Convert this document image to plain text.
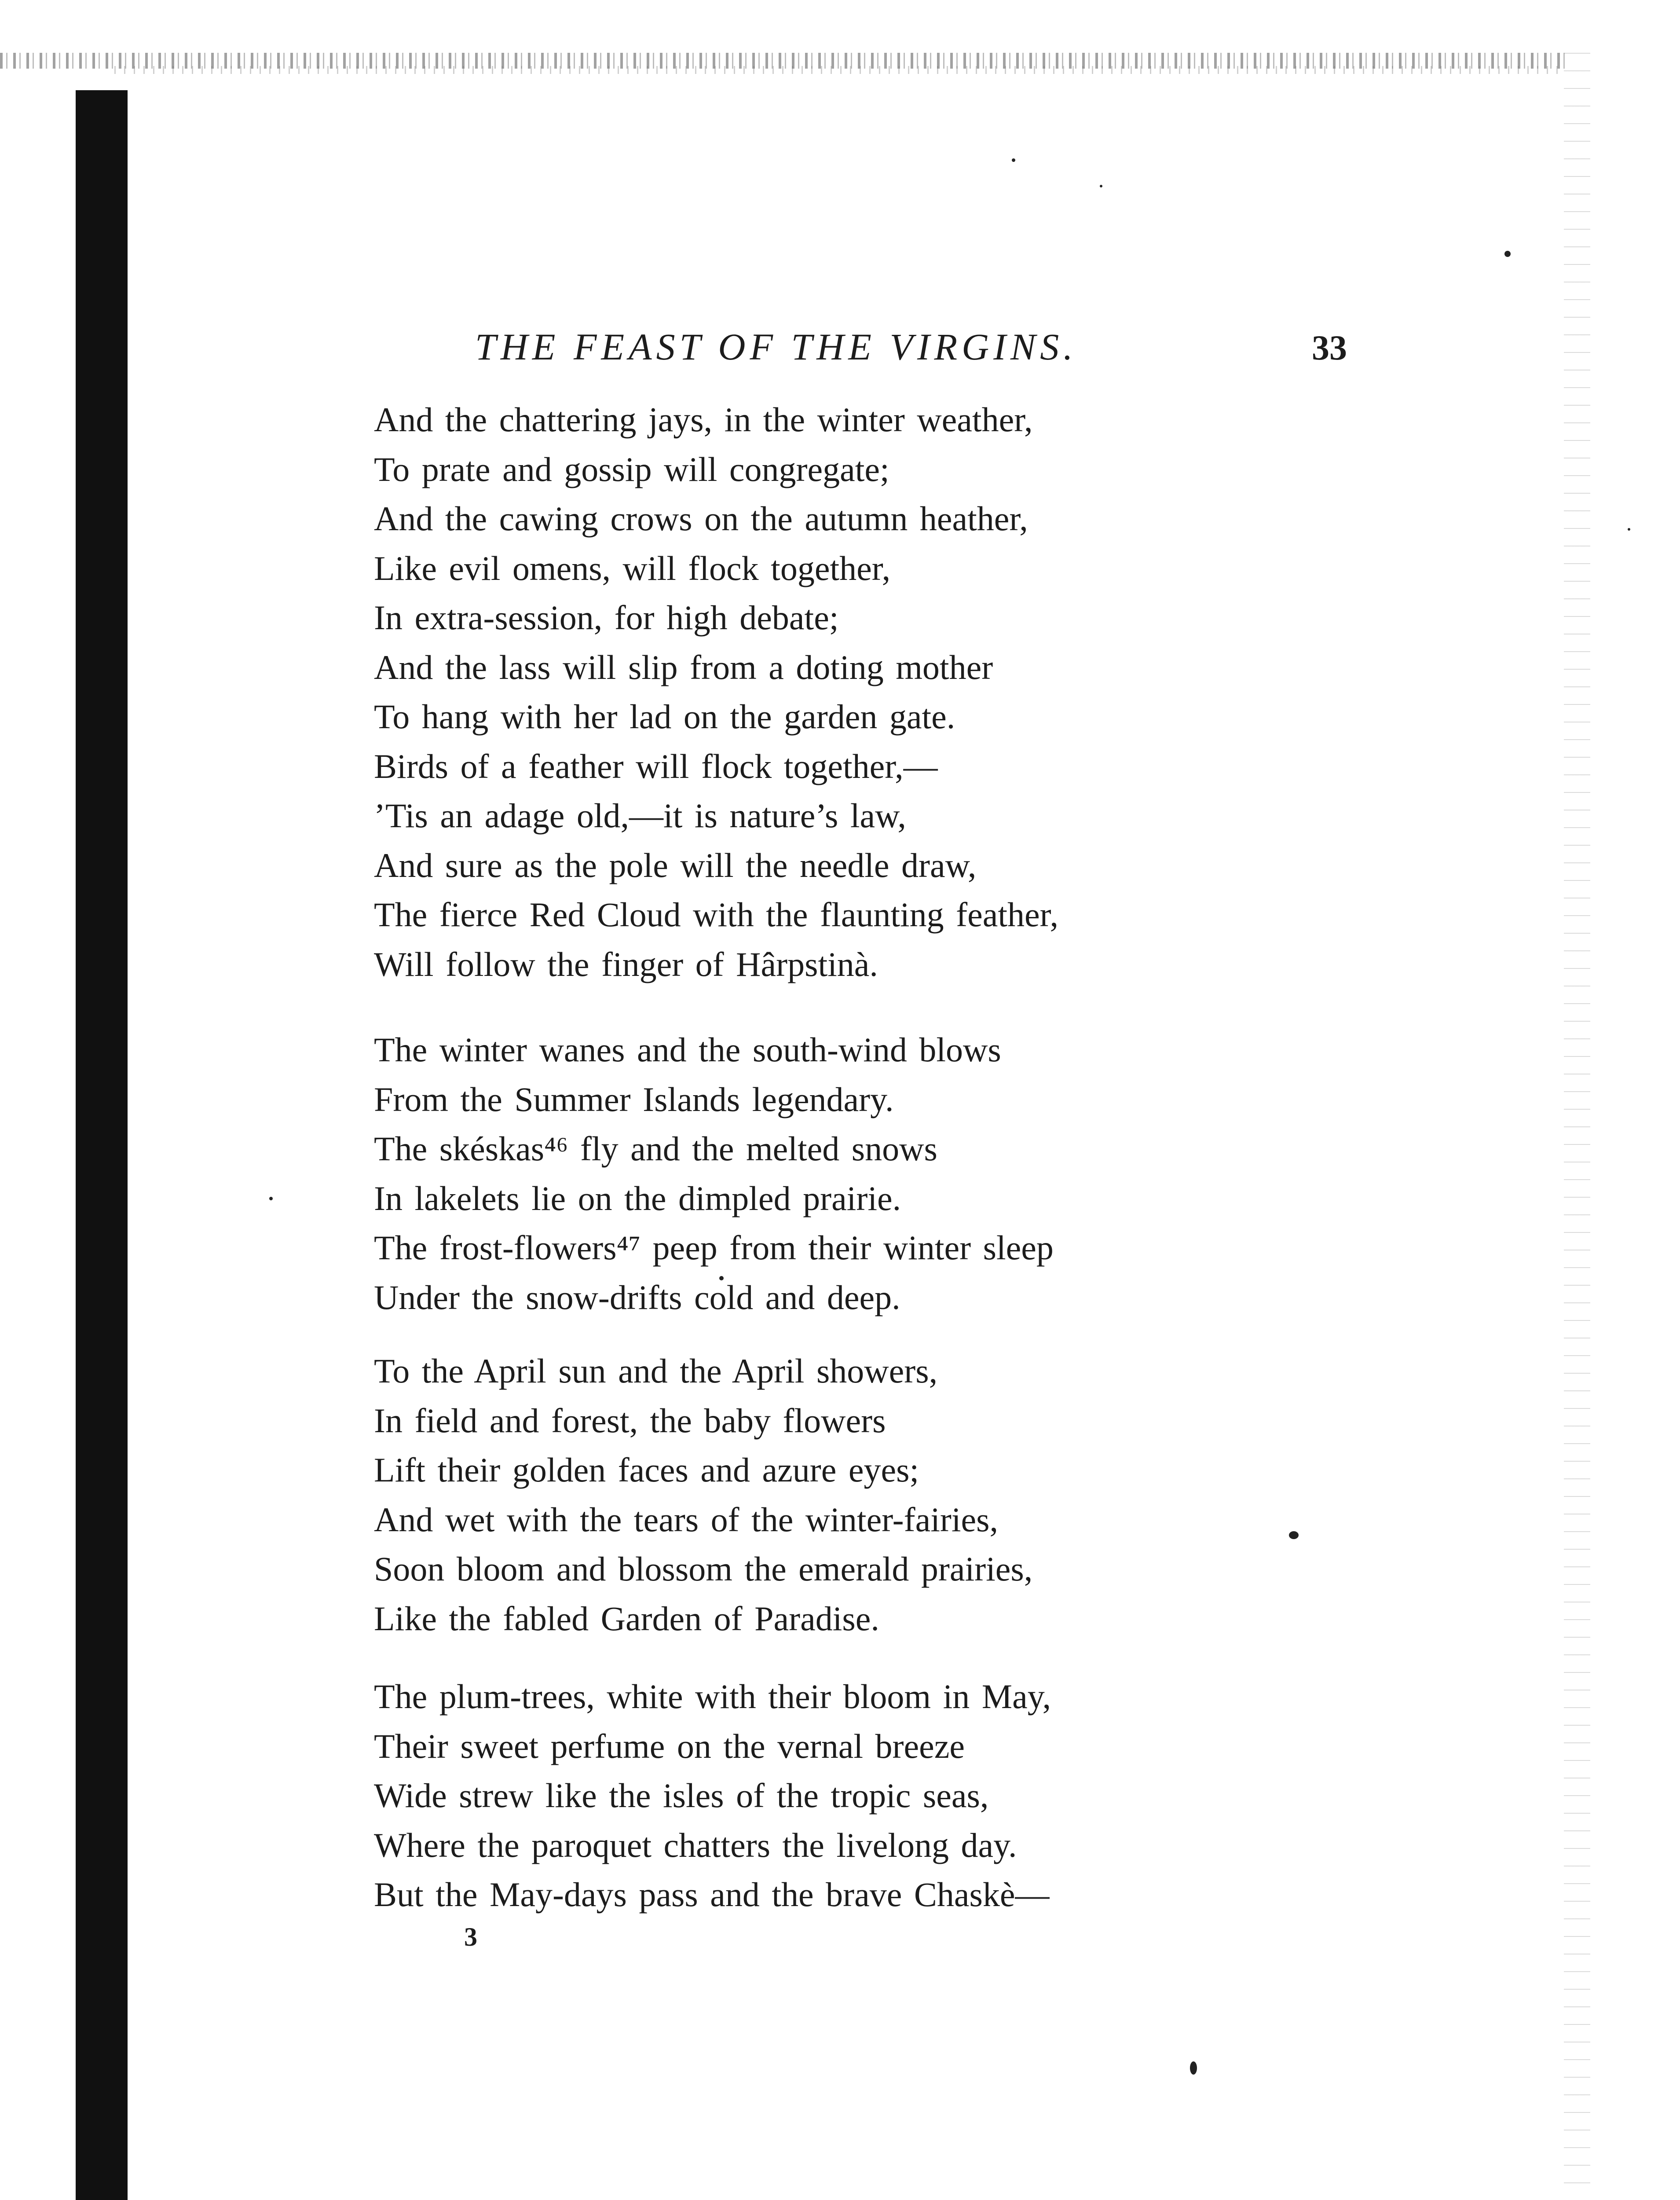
THE FEAST OF THE VIRGINS.	33
And the chattering jays, in the winter weather,
To prate and gossip will congregate;
And the cawing crows on the autumn heather,
Like evil omens, will flock together,
In extra-session, for high debate;
And the lass will slip from a doting mother
To hang with her lad on the garden gate.
Birds of a feather will flock together,—
’Tis an adage old,—it is nature’s law,
And sure as the pole will the needle draw,
The fierce Red Cloud with the flaunting feather,
Will follow the finger of Hârpstinà.
The winter wanes and the south-wind blows
From the Summer Islands legendary.
The skéskas⁴⁶ fly and the melted snows
In lakelets lie on the dimpled prairie.
The frost-flowers⁴⁷ peep from their winter sleep
Under the snow-drifts cold and deep.
To the April sun and the April showers,
In field and forest, the baby flowers
Lift their golden faces and azure eyes;
And wet with the tears of the winter-fairies,
Soon bloom and blossom the emerald prairies,
Like the fabled Garden of Paradise.
The plum-trees, white with their bloom in May,
Their sweet perfume on the vernal breeze
Wide strew like the isles of the tropic seas,
Where the paroquet chatters the livelong day.
But the May-days pass and the brave Chaskè—
3
